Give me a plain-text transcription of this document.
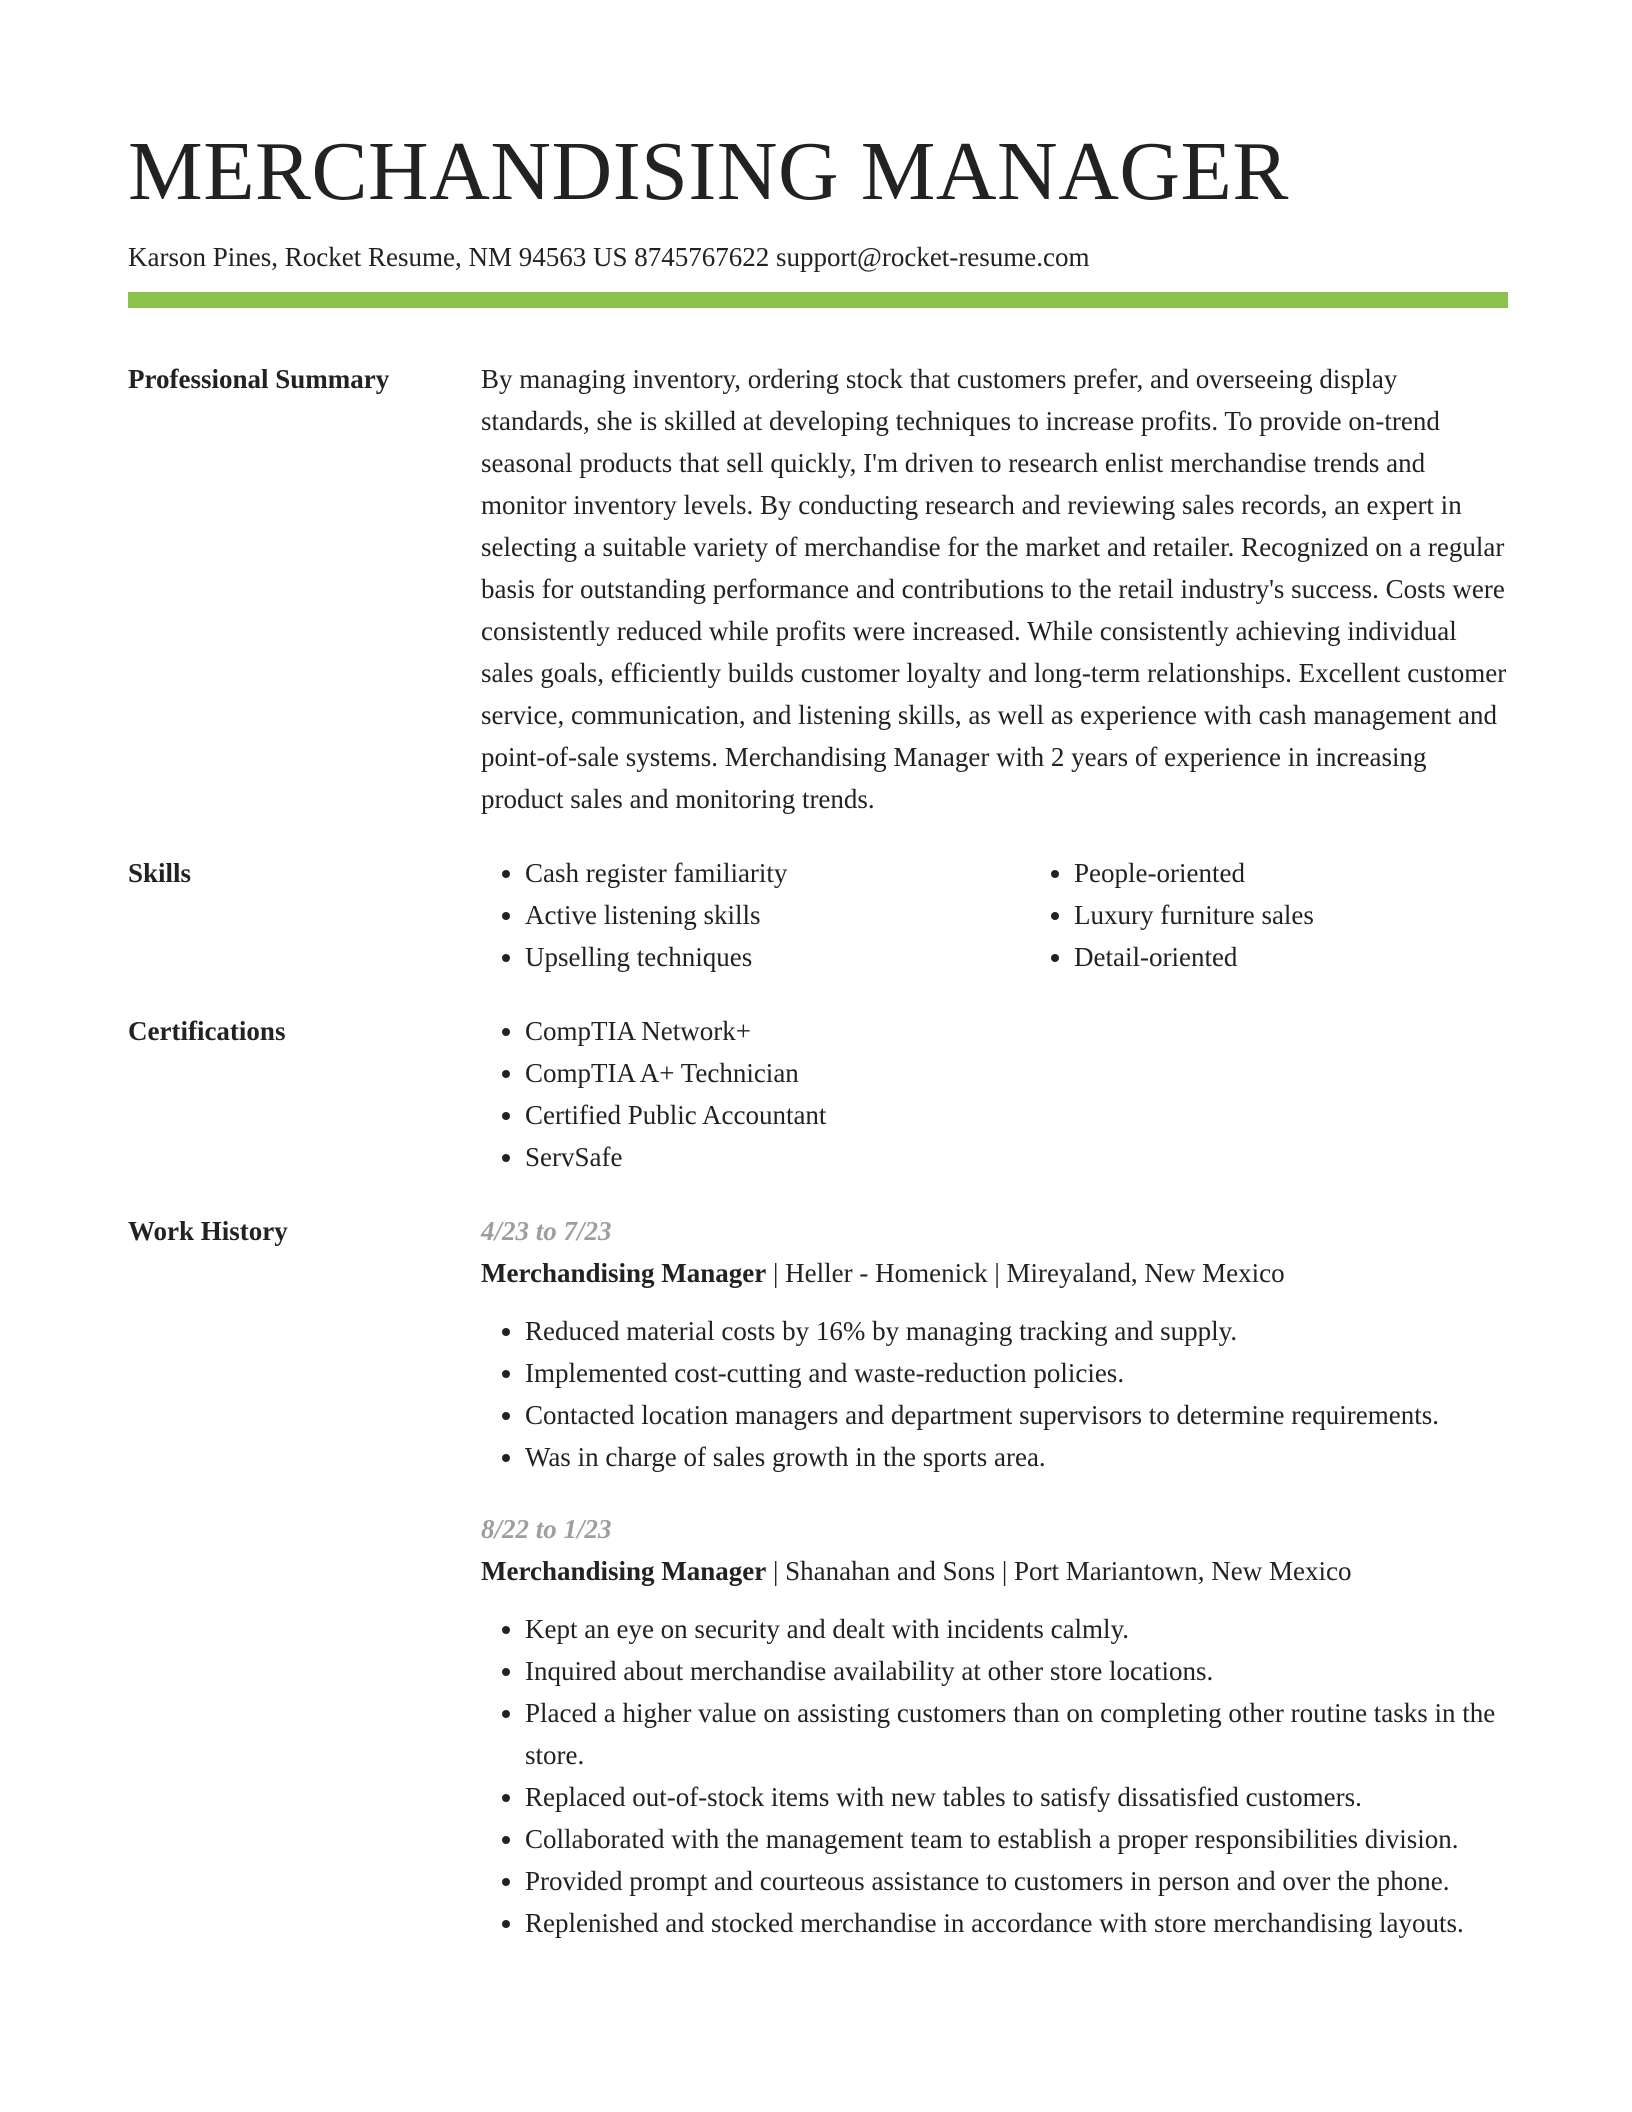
MERCHANDISING MANAGER
Karson Pines, Rocket Resume, NM 94563 US 8745767622 support@rocket-resume.com
Professional Summary	By managing inventory, ordering stock that customers prefer, and overseeing display standards, she is skilled at developing techniques to increase profits. To provide on-trend seasonal products that sell quickly, I'm driven to research enlist merchandise trends and monitor inventory levels. By conducting research and reviewing sales records, an expert in selecting a suitable variety of merchandise for the market and retailer. Recognized on a regular basis for outstanding performance and contributions to the retail industry's success. Costs were consistently reduced while profits were increased. While consistently achieving individual sales goals, efficiently builds customer loyalty and long-term relationships. Excellent customer service, communication, and listening skills, as well as experience with cash management and point-of-sale systems. Merchandising Manager with 2 years of experience in increasing product sales and monitoring trends.

Skills	• Cash register familiarity
• Active listening skills
• Upselling techniques
• People-oriented
• Luxury furniture sales
• Detail-oriented
Certifications	• CompTIA Network+
• CompTIA A+ Technician
• Certified Public Accountant
• ServSafe
Work History	4/23 to 7/23
Merchandising Manager | Heller - Homenick | Mireyaland, New Mexico
• Reduced material costs by 16% by managing tracking and supply.
• Implemented cost-cutting and waste-reduction policies.
• Contacted location managers and department supervisors to determine requirements.
• Was in charge of sales growth in the sports area.
8/22 to 1/23
Merchandising Manager | Shanahan and Sons | Port Mariantown, New Mexico
• Kept an eye on security and dealt with incidents calmly.
• Inquired about merchandise availability at other store locations.
• Placed a higher value on assisting customers than on completing other routine tasks in the store.
• Replaced out-of-stock items with new tables to satisfy dissatisfied customers.
• Collaborated with the management team to establish a proper responsibilities division.
• Provided prompt and courteous assistance to customers in person and over the phone.
• Replenished and stocked merchandise in accordance with store merchandising layouts.
